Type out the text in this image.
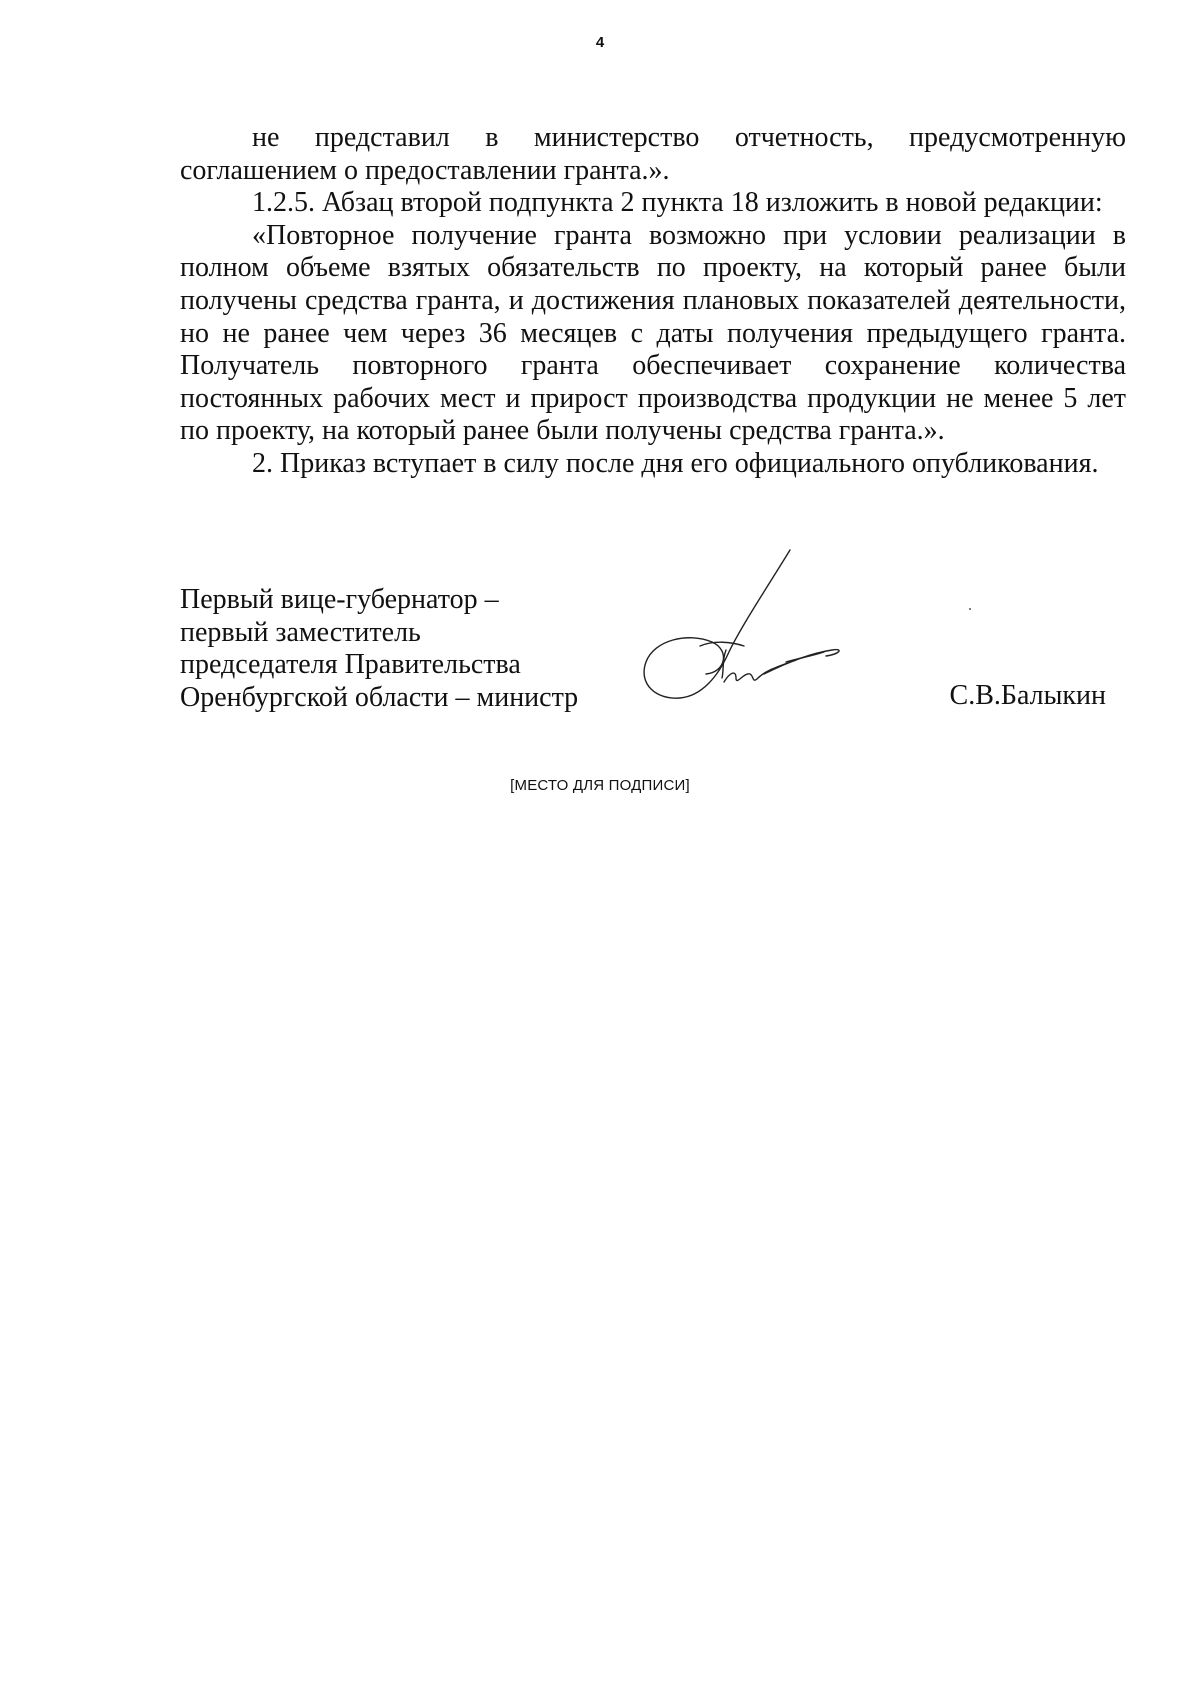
4

не представил в министерство отчетность, предусмотренную соглашением о предоставлении гранта.».

1.2.5. Абзац второй подпункта 2 пункта 18 изложить в новой редакции:

«Повторное получение гранта возможно при условии реализации в полном объеме взятых обязательств по проекту, на который ранее были получены средства гранта, и достижения плановых показателей деятельности, но не ранее чем через 36 месяцев с даты получения предыдущего гранта. Получатель повторного гранта обеспечивает сохранение количества постоянных рабочих мест и прирост производства продукции не менее 5 лет по проекту, на который ранее были получены средства гранта.».

2. Приказ вступает в силу после дня его официального опубликования.

Первый вице-губернатор –
первый заместитель
председателя Правительства
Оренбургской области – министр	С.В.Балыкин
[МЕСТО ДЛЯ ПОДПИСИ]
